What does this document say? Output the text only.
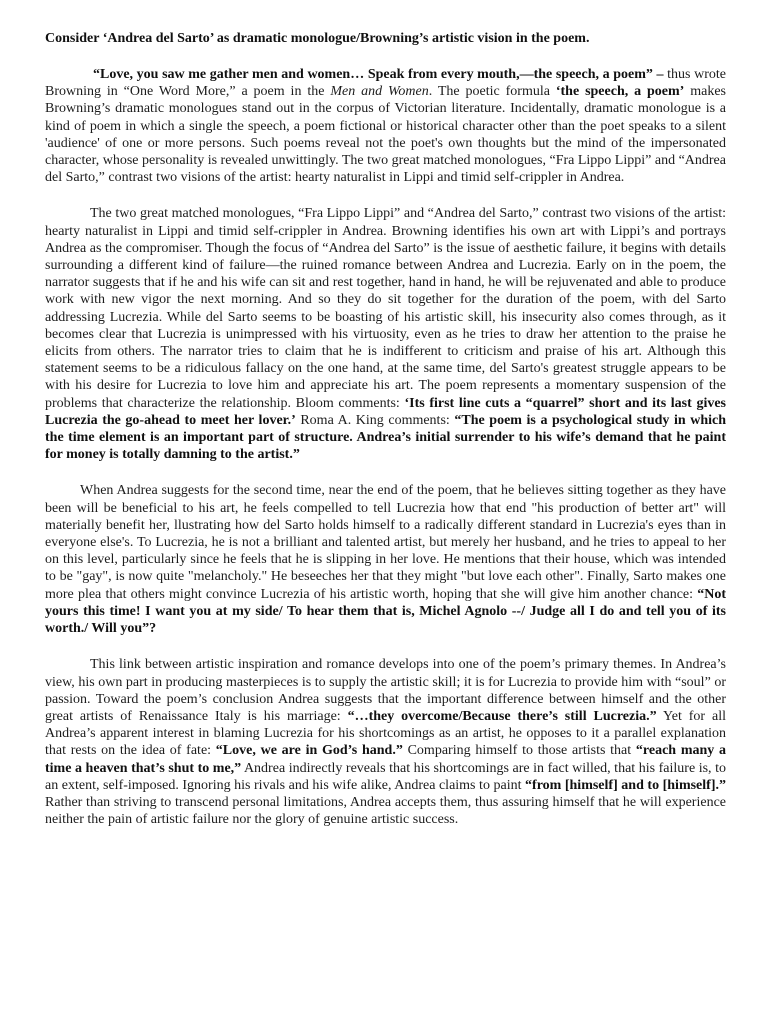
Consider ‘Andrea del Sarto’ as dramatic monologue/Browning’s artistic vision in the poem.

“Love, you saw me gather men and women… Speak from every mouth,—the speech, a poem” – thus wrote Browning in “One Word More,” a poem in the Men and Women. The poetic formula ‘the speech, a poem’ makes Browning’s dramatic monologues stand out in the corpus of Victorian literature. Incidentally, dramatic monologue is a kind of poem in which a single the speech, a poem fictional or historical character other than the poet speaks to a silent 'audience' of one or more persons. Such poems reveal not the poet's own thoughts but the mind of the impersonated character, whose personality is revealed unwittingly. The two great matched monologues, “Fra Lippo Lippi” and “Andrea del Sarto,” contrast two visions of the artist: hearty naturalist in Lippi and timid self-crippler in Andrea.

The two great matched monologues, “Fra Lippo Lippi” and “Andrea del Sarto,” contrast two visions of the artist: hearty naturalist in Lippi and timid self-crippler in Andrea. Browning identifies his own art with Lippi’s and portrays Andrea as the compromiser. Though the focus of “Andrea del Sarto” is the issue of aesthetic failure, it begins with details surrounding a different kind of failure—the ruined romance between Andrea and Lucrezia. Early on in the poem, the narrator suggests that if he and his wife can sit and rest together, hand in hand, he will be rejuvenated and able to produce work with new vigor the next morning. And so they do sit together for the duration of the poem, with del Sarto addressing Lucrezia. While del Sarto seems to be boasting of his artistic skill, his insecurity also comes through, as it becomes clear that Lucrezia is unimpressed with his virtuosity, even as he tries to draw her attention to the praise he elicits from others. The narrator tries to claim that he is indifferent to criticism and praise of his art. Although this statement seems to be a ridiculous fallacy on the one hand, at the same time, del Sarto's greatest struggle appears to be with his desire for Lucrezia to love him and appreciate his art. The poem represents a momentary suspension of the problems that characterize the relationship. Bloom comments: ‘Its first line cuts a “quarrel” short and its last gives Lucrezia the go-ahead to meet her lover.’ Roma A. King comments: “The poem is a psychological study in which the time element is an important part of structure. Andrea’s initial surrender to his wife’s demand that he paint for money is totally damning to the artist.”

When Andrea suggests for the second time, near the end of the poem, that he believes sitting together as they have been will be beneficial to his art, he feels compelled to tell Lucrezia how that end "his production of better art" will materially benefit her, llustrating how del Sarto holds himself to a radically different standard in Lucrezia's eyes than in everyone else's. To Lucrezia, he is not a brilliant and talented artist, but merely her husband, and he tries to appeal to her on this level, particularly since he feels that he is slipping in her love. He mentions that their house, which was intended to be "gay", is now quite "melancholy." He beseeches her that they might "but love each other". Finally, Sarto makes one more plea that others might convince Lucrezia of his artistic worth, hoping that she will give him another chance: “Not yours this time! I want you at my side/ To hear them that is, Michel Agnolo --/ Judge all I do and tell you of its worth./ Will you”?

This link between artistic inspiration and romance develops into one of the poem’s primary themes. In Andrea’s view, his own part in producing masterpieces is to supply the artistic skill; it is for Lucrezia to provide him with “soul” or passion. Toward the poem’s conclusion Andrea suggests that the important difference between himself and the other great artists of Renaissance Italy is his marriage: “…they overcome/Because there’s still Lucrezia.” Yet for all Andrea’s apparent interest in blaming Lucrezia for his shortcomings as an artist, he opposes to it a parallel explanation that rests on the idea of fate: “Love, we are in God’s hand.” Comparing himself to those artists that “reach many a time a heaven that’s shut to me,” Andrea indirectly reveals that his shortcomings are in fact willed, that his failure is, to an extent, self-imposed. Ignoring his rivals and his wife alike, Andrea claims to paint “from [himself] and to [himself].” Rather than striving to transcend personal limitations, Andrea accepts them, thus assuring himself that he will experience neither the pain of artistic failure nor the glory of genuine artistic success.
